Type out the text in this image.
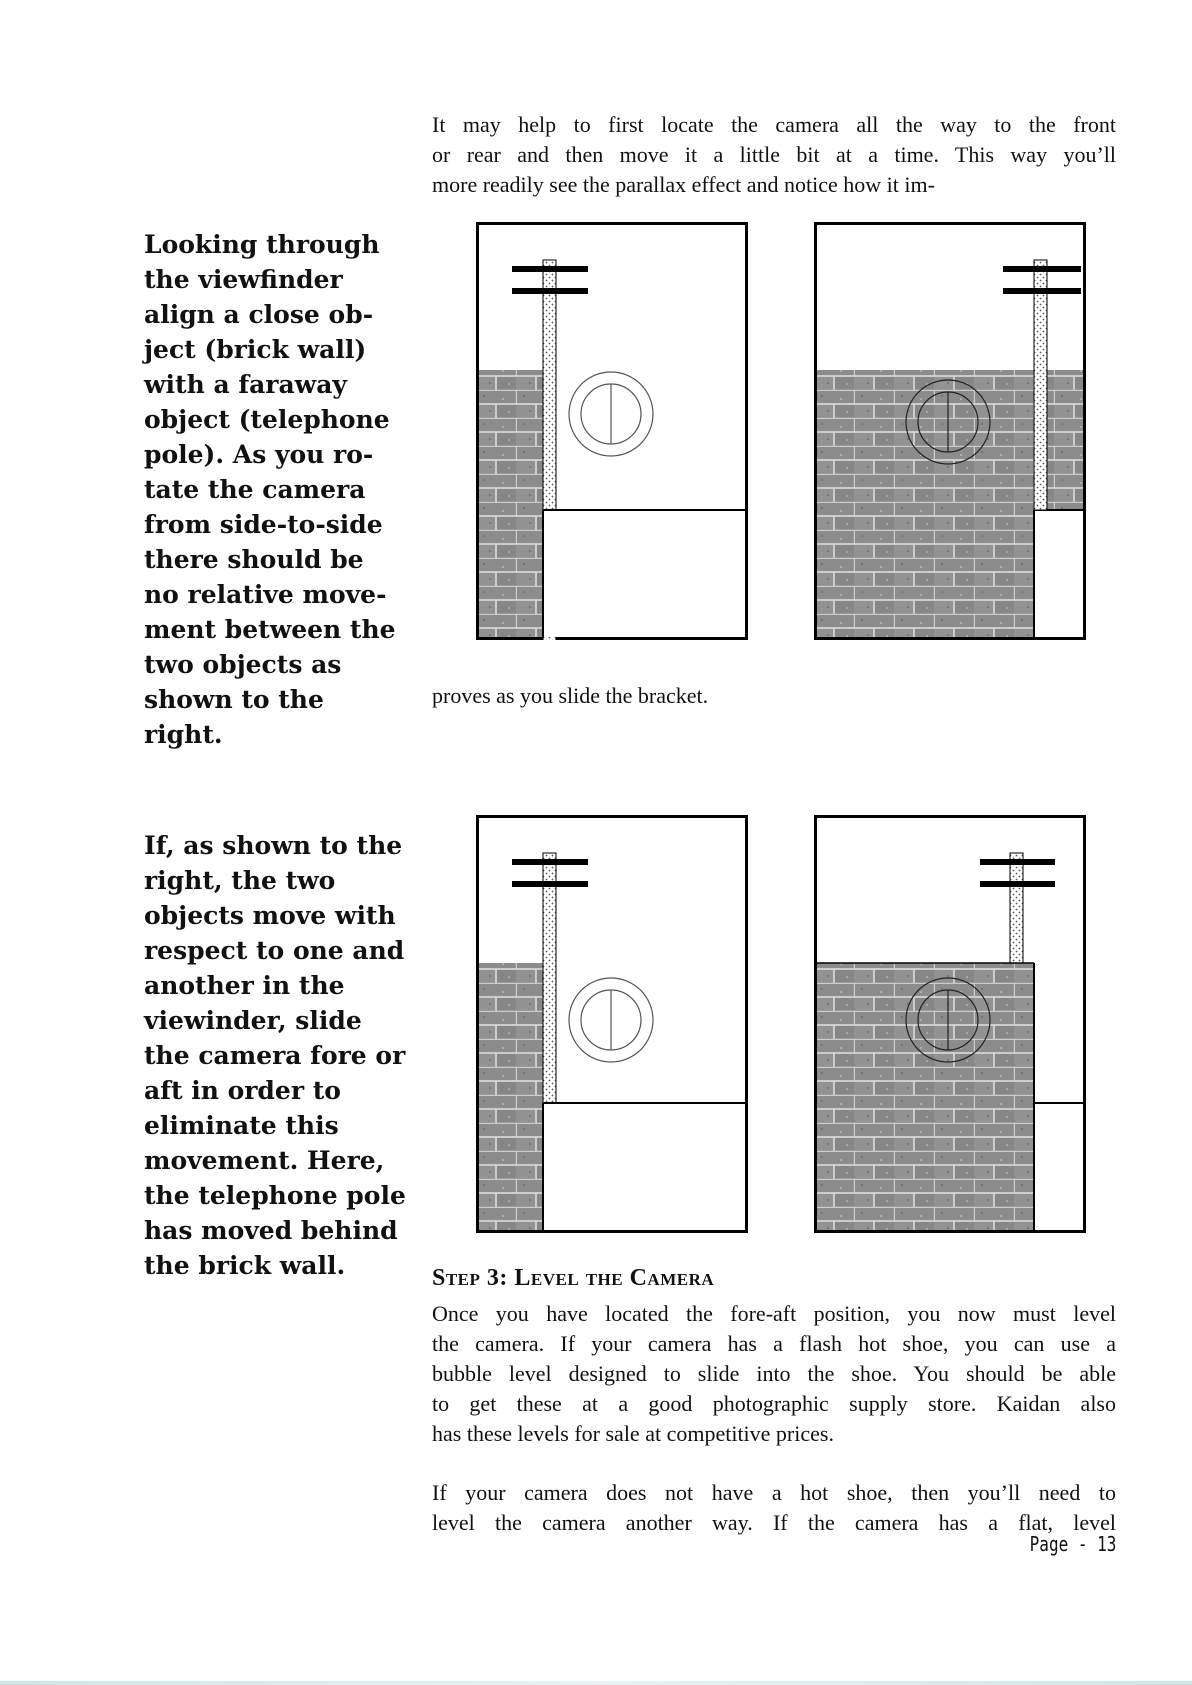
It may help to first locate the camera all the way to the front
or rear and then move it a little bit at a time. This way you’ll
more readily see the parallax effect and notice how it im-

Looking through
the viewfinder
align a close ob-
ject (brick wall)
with a faraway
object (telephone
pole). As you ro-
tate the camera
from side-to-side
there should be
no relative move-
ment between the
two objects as
shown to the
right.

proves as you slide the bracket.

If, as shown to the
right, the two
objects move with
respect to one and
another in the
viewinder, slide
the camera fore or
aft in order to
eliminate this
movement. Here,
the telephone pole
has moved behind
the brick wall.	Step 3: Level the Camera

Once you have located the fore-aft position, you now must level
the camera. If your camera has a flash hot shoe, you can use a
bubble level designed to slide into the shoe. You should be able
to get these at a good photographic supply store. Kaidan also
has these levels for sale at competitive prices.

If your camera does not have a hot shoe, then you’ll need to
level the camera another way. If the camera has a flat, level

Page - 13
